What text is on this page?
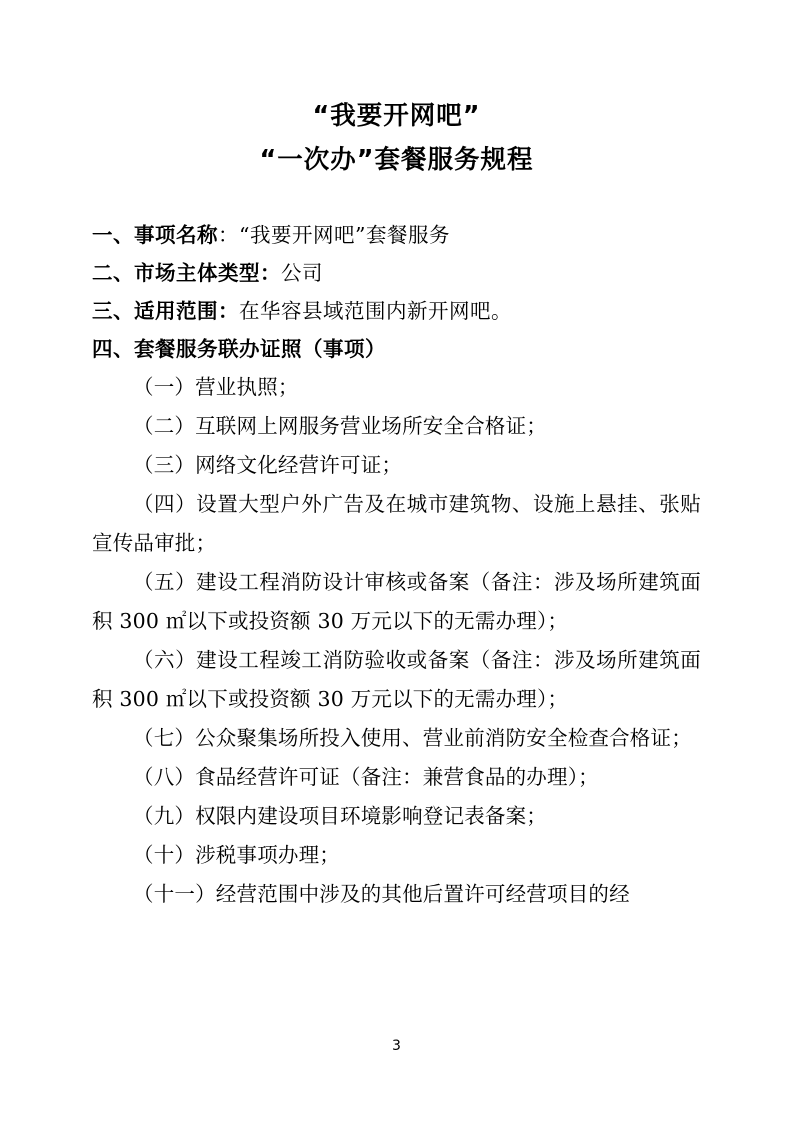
“我要开网吧”
“一次办”套餐服务规程
一、事项名称：“我要开网吧”套餐服务
二、市场主体类型：公司
三、适用范围：在华容县域范围内新开网吧。
四、套餐服务联办证照（事项）
（一）营业执照；
（二）互联网上网服务营业场所安全合格证；
（三）网络文化经营许可证；
（四）设置大型户外广告及在城市建筑物、设施上悬挂、张贴宣传品审批；
（五）建设工程消防设计审核或备案（备注：涉及场所建筑面积 300 ㎡以下或投资额 30 万元以下的无需办理）；
（六）建设工程竣工消防验收或备案（备注：涉及场所建筑面积 300 ㎡以下或投资额 30 万元以下的无需办理）；
（七）公众聚集场所投入使用、营业前消防安全检查合格证；
（八）食品经营许可证（备注：兼营食品的办理）；
（九）权限内建设项目环境影响登记表备案；
（十）涉税事项办理；
（十一）经营范围中涉及的其他后置许可经营项目的经
3
